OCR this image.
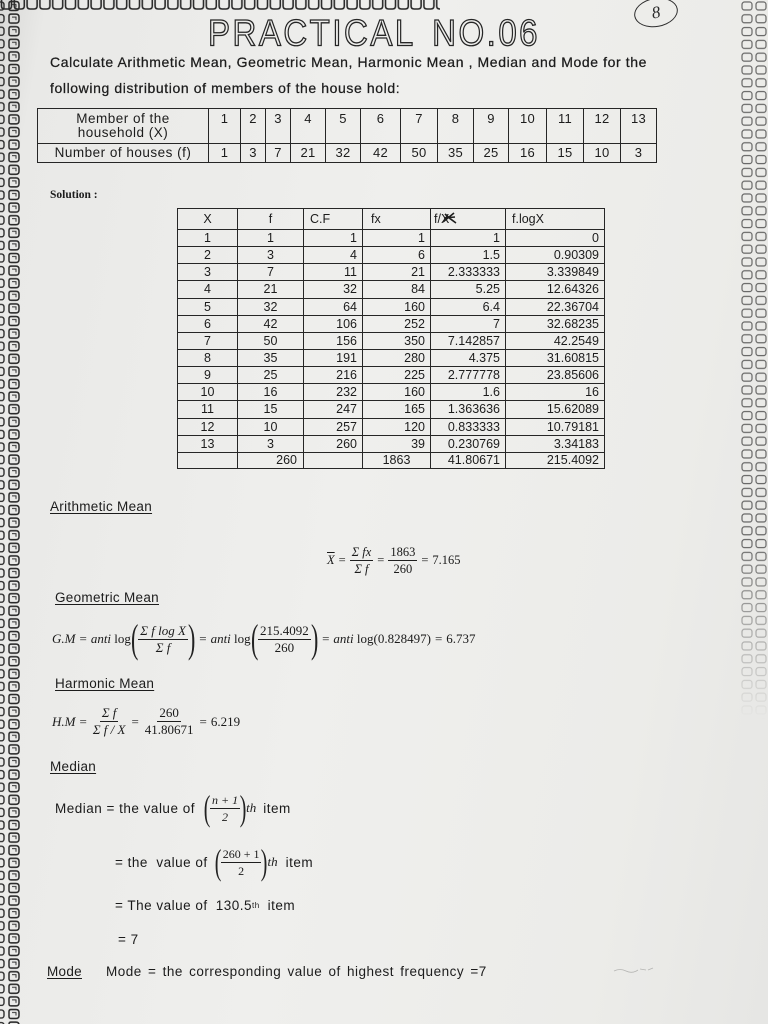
PRACTICAL NO.06	8
Calculate Arithmetic Mean, Geometric Mean, Harmonic Mean , Median and Mode for the
following distribution of members of the house hold:
Member of the
household (X)	1	2	3	4	5	6	7	8	9	10	11	12	13
Number of houses (f)	1	3	7	21	32	42	50	35	25	16	15	10	3
Solution :
X	f	C.F	fx	f/X	f.logX
1	1	1	1	1	0
2	3	4	6	1.5	0.90309
3	7	11	21	2.333333	3.339849
4	21	32	84	5.25	12.64326
5	32	64	160	6.4	22.36704
6	42	106	252	7	32.68235
7	50	156	350	7.142857	42.2549
8	35	191	280	4.375	31.60815
9	25	216	225	2.777778	23.85606
10	16	232	160	1.6	16
11	15	247	165	1.363636	15.62089
12	10	257	120	0.833333	10.79181
13	3	260	39	0.230769	3.34183
	260		1863	41.80671	215.4092
Arithmetic Mean
$\overline{X} = \frac{\text{Σ fx}}{\text{Σ f}} = \frac{1863}{260} = 7.165$
Geometric Mean
G.M = anti
log ( $\frac{\text{Σ f log X}}{\text{Σ f}}$ ) = anti
log ( $\frac{215.4092}{260}$ ) = anti
log(0.828497) = 6.737
Harmonic Mean
$H.M = \frac{\text{Σ f}}{\text{Σ f / X}} = \frac{260}{41.80671} = 6.219$
Median
Median = the value of ( $\frac{n + 1}{2}$ ) th item
= the  value of ( $\frac{260 + 1}{2}$ ) th item
= The value of 130.5 th item
= 7
Mode Mode = the corresponding value of highest frequency =7
